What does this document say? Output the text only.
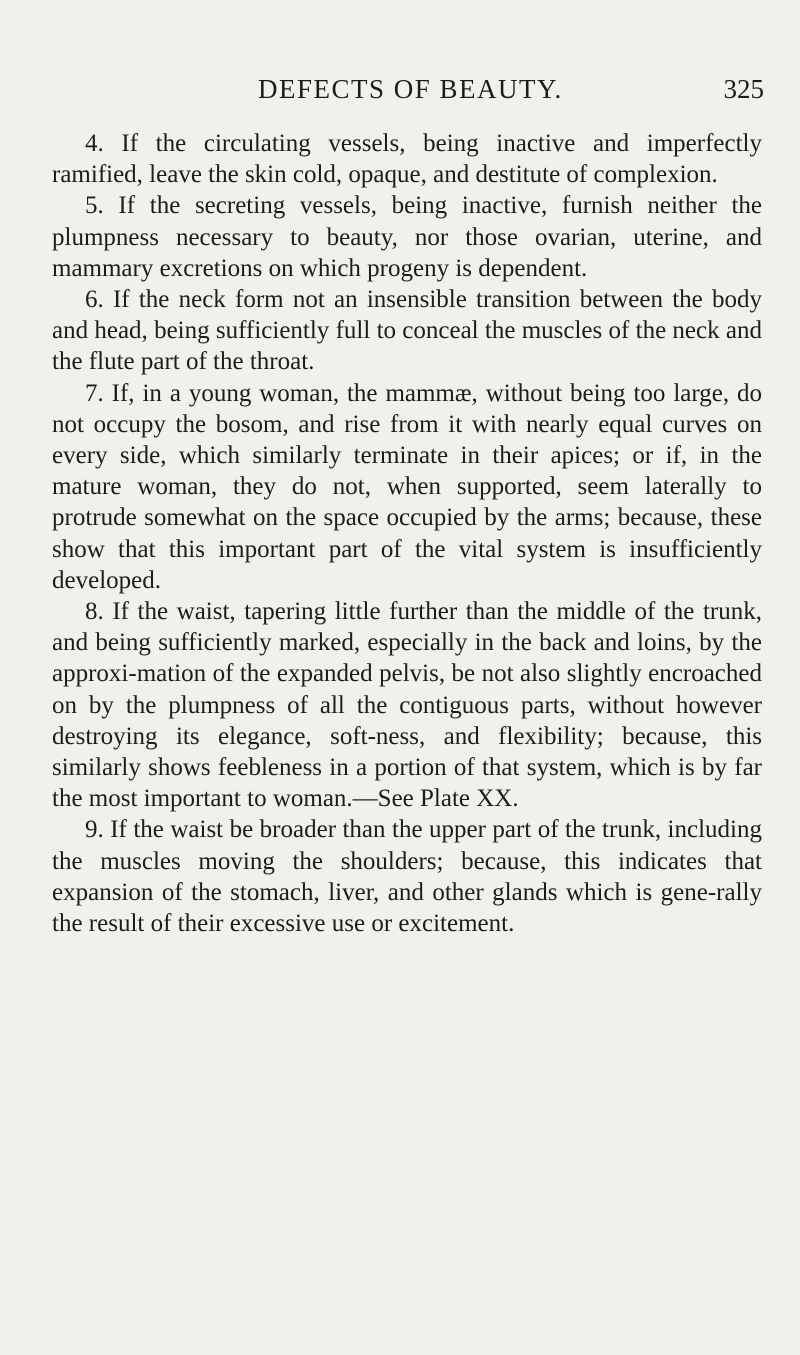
DEFECTS OF BEAUTY.	325

4. If the circulating vessels, being inactive and imperfectly ramified, leave the skin cold, opaque, and destitute of complexion.

5. If the secreting vessels, being inactive, furnish neither the plumpness necessary to beauty, nor those ovarian, uterine, and mammary excretions on which progeny is dependent.

6. If the neck form not an insensible transition between the body and head, being sufficiently full to conceal the muscles of the neck and the flute part of the throat.

7. If, in a young woman, the mammæ, without being too large, do not occupy the bosom, and rise from it with nearly equal curves on every side, which similarly terminate in their apices; or if, in the mature woman, they do not, when supported, seem laterally to protrude somewhat on the space occupied by the arms; because, these show that this important part of the vital system is insufficiently developed.

8. If the waist, tapering little further than the middle of the trunk, and being sufficiently marked, especially in the back and loins, by the approxi-mation of the expanded pelvis, be not also slightly encroached on by the plumpness of all the contiguous parts, without however destroying its elegance, soft-ness, and flexibility; because, this similarly shows feebleness in a portion of that system, which is by far the most important to woman.—See Plate XX.

9. If the waist be broader than the upper part of the trunk, including the muscles moving the shoulders; because, this indicates that expansion of the stomach, liver, and other glands which is gene-rally the result of their excessive use or excitement.
